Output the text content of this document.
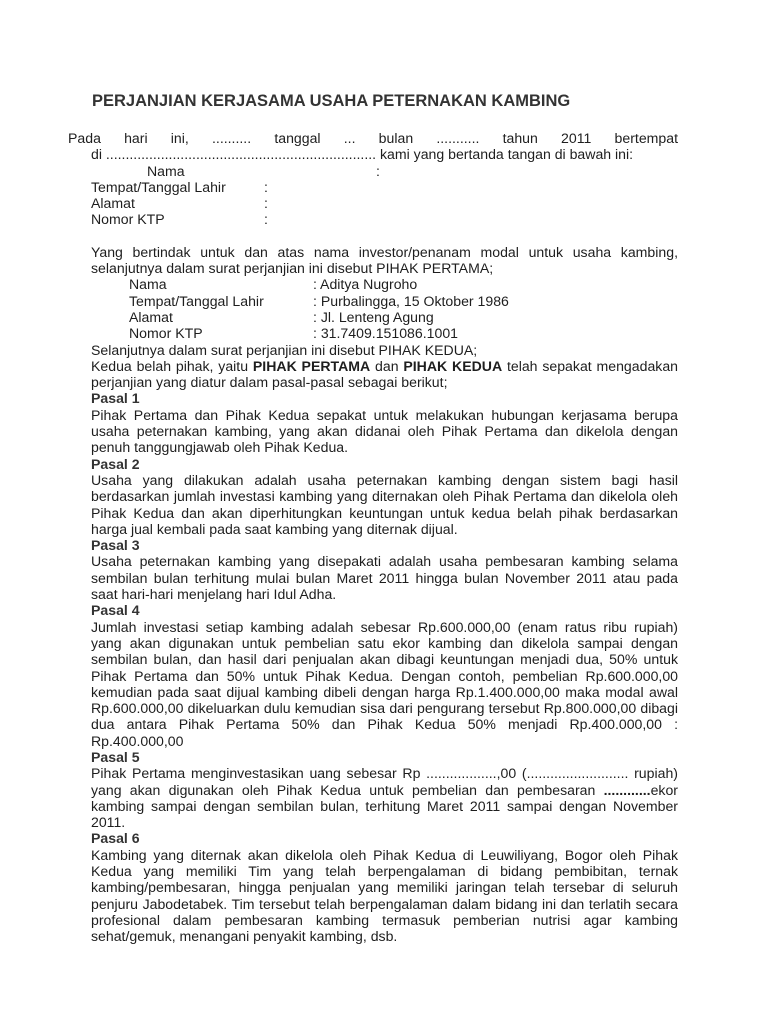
PERJANJIAN KERJASAMA USAHA PETERNAKAN KAMBING

Pada hari ini, .......... tanggal ... bulan ........... tahun 2011 bertempat

di ..................................................................... kami yang bertanda tangan di bawah ini:

Nama	:
Tempat/Tanggal Lahir	:
Alamat	:
Nomor KTP	:

Yang bertindak untuk dan atas nama investor/penanam modal untuk usaha kambing, selanjutnya dalam surat perjanjian ini disebut PIHAK PERTAMA;

Nama	: Aditya Nugroho
Tempat/Tanggal Lahir	: Purbalingga, 15 Oktober 1986
Alamat	: Jl. Lenteng Agung
Nomor KTP	: 31.7409.151086.1001

Selanjutnya dalam surat perjanjian ini disebut PIHAK KEDUA;

Kedua belah pihak, yaitu PIHAK PERTAMA dan PIHAK KEDUA telah sepakat mengadakan perjanjian yang diatur dalam pasal-pasal sebagai berikut;

Pasal 1

Pihak Pertama dan Pihak Kedua sepakat untuk melakukan hubungan kerjasama berupa usaha peternakan kambing, yang akan didanai oleh Pihak Pertama dan dikelola dengan penuh tanggungjawab oleh Pihak Kedua.

Pasal 2

Usaha yang dilakukan adalah usaha peternakan kambing dengan sistem bagi hasil berdasarkan jumlah investasi kambing yang diternakan oleh Pihak Pertama dan dikelola oleh Pihak Kedua dan akan diperhitungkan keuntungan untuk kedua belah pihak berdasarkan harga jual kembali pada saat kambing yang diternak dijual.

Pasal 3

Usaha peternakan kambing yang disepakati adalah usaha pembesaran kambing selama sembilan bulan terhitung mulai bulan Maret 2011 hingga bulan November 2011 atau pada saat hari-hari menjelang hari Idul Adha.

Pasal 4

Jumlah investasi setiap kambing adalah sebesar Rp.600.000,00 (enam ratus ribu rupiah) yang akan digunakan untuk pembelian satu ekor kambing dan dikelola sampai dengan sembilan bulan, dan hasil dari penjualan akan dibagi keuntungan menjadi dua, 50% untuk Pihak Pertama dan 50% untuk Pihak Kedua. Dengan contoh, pembelian Rp.600.000,00 kemudian pada saat dijual kambing dibeli dengan harga Rp.1.400.000,00 maka modal awal Rp.600.000,00 dikeluarkan dulu kemudian sisa dari pengurang tersebut Rp.800.000,00 dibagi dua antara Pihak Pertama 50% dan Pihak Kedua 50% menjadi Rp.400.000,00 : Rp.400.000,00

Pasal 5

Pihak Pertama menginvestasikan uang sebesar Rp ..................,00 (.......................... rupiah) yang akan digunakan oleh Pihak Kedua untuk pembelian dan pembesaran ............ekor kambing sampai dengan sembilan bulan, terhitung Maret 2011 sampai dengan November 2011.

Pasal 6

Kambing yang diternak akan dikelola oleh Pihak Kedua di Leuwiliyang, Bogor oleh Pihak Kedua yang memiliki Tim yang telah berpengalaman di bidang pembibitan, ternak kambing/pembesaran, hingga penjualan yang memiliki jaringan telah tersebar di seluruh penjuru Jabodetabek. Tim tersebut telah berpengalaman dalam bidang ini dan terlatih secara profesional dalam pembesaran kambing termasuk pemberian nutrisi agar kambing sehat/gemuk, menangani penyakit kambing, dsb.
